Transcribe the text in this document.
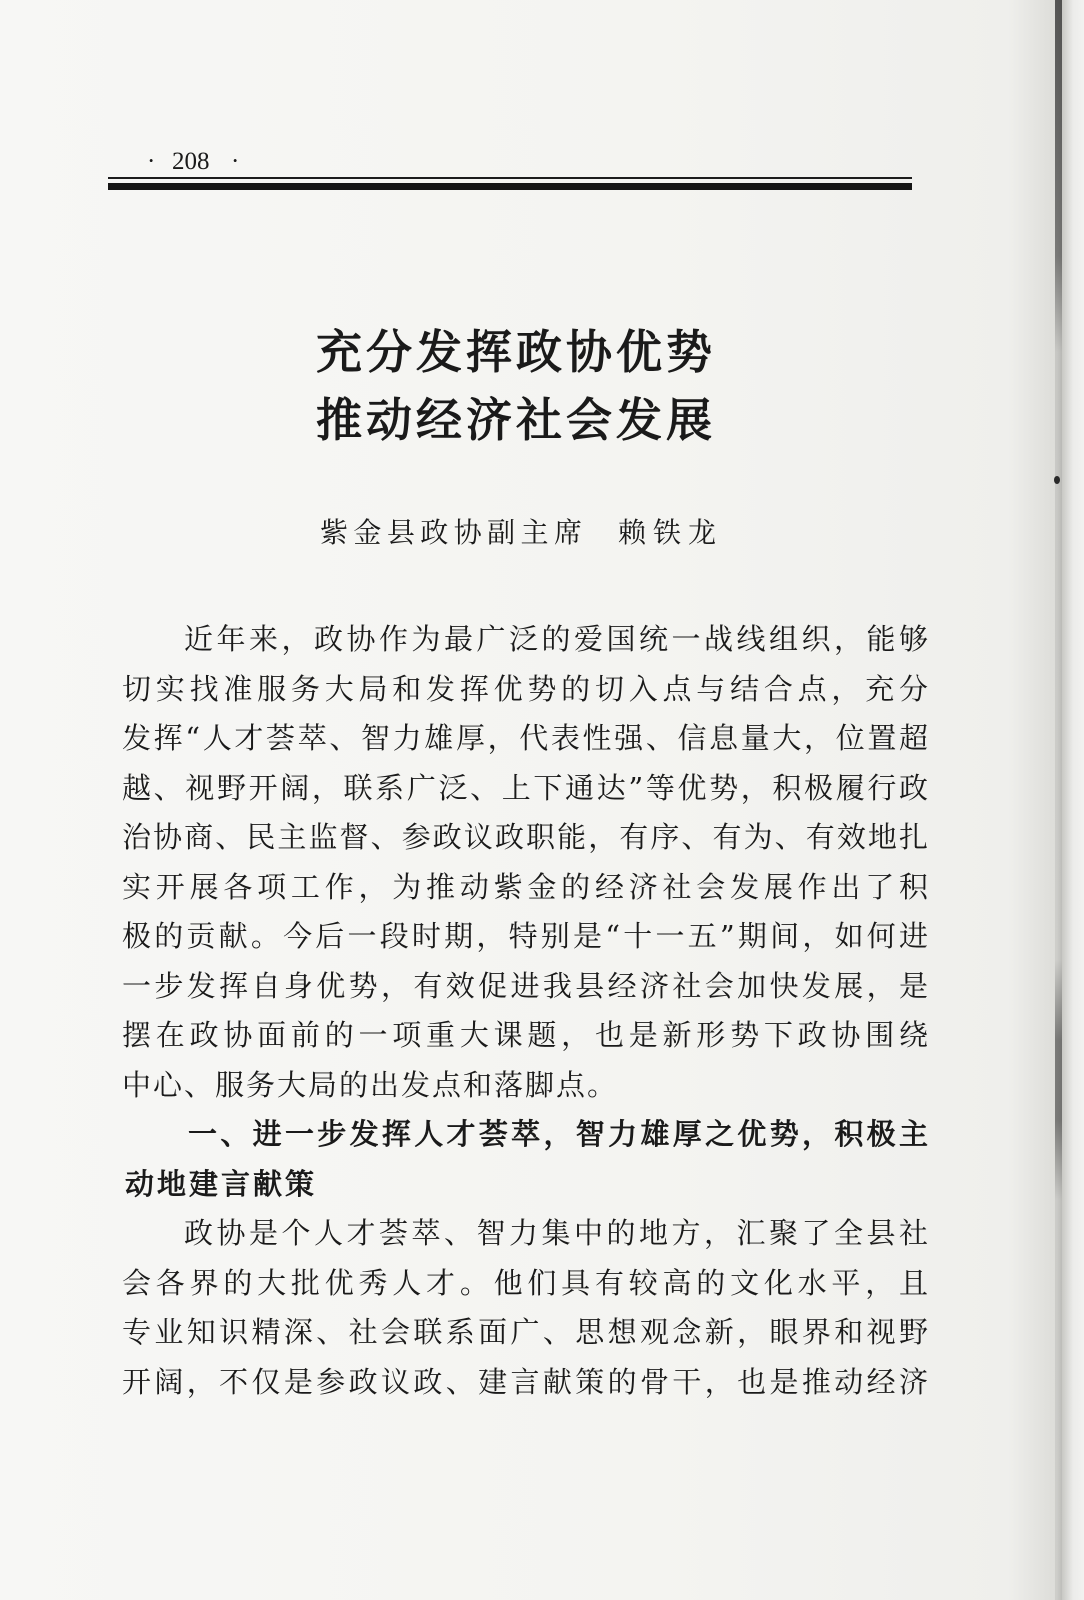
· 208 ·
充分发挥政协优势
推动经济社会发展
紫金县政协副主席 赖铁龙
近年来，政协作为最广泛的爱国统一战线组织，能够
切实找准服务大局和发挥优势的切入点与结合点，充分
发挥“人才荟萃、智力雄厚，代表性强、信息量大，位置超
越、视野开阔，联系广泛、上下通达”等优势，积极履行政
治协商、民主监督、参政议政职能，有序、有为、有效地扎
实开展各项工作，为推动紫金的经济社会发展作出了积
极的贡献。今后一段时期，特别是“十一五”期间，如何进
一步发挥自身优势，有效促进我县经济社会加快发展，是
摆在政协面前的一项重大课题，也是新形势下政协围绕
中心、服务大局的出发点和落脚点。
一、进一步发挥人才荟萃，智力雄厚之优势，积极主
动地建言献策
政协是个人才荟萃、智力集中的地方，汇聚了全县社
会各界的大批优秀人才。他们具有较高的文化水平，且
专业知识精深、社会联系面广、思想观念新，眼界和视野
开阔，不仅是参政议政、建言献策的骨干，也是推动经济
